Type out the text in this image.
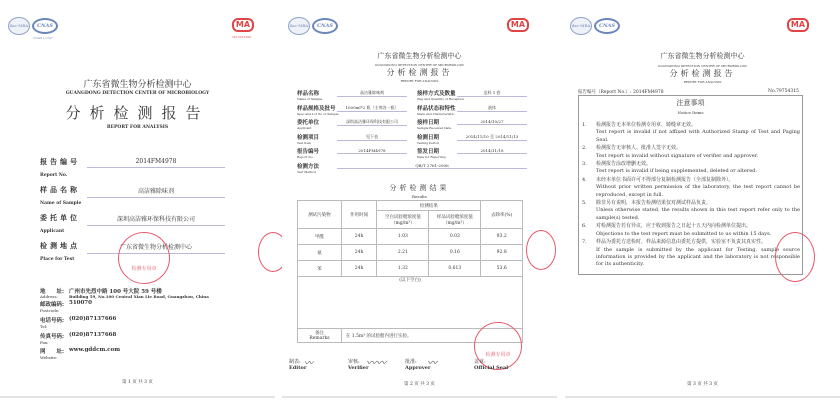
ilac-MRA	CNAS
CNAS L1747
MA
2013191300
广东省微生物分析检测中心
GUANGDONG DETECTION CENTER OF MICROBIOLOGY
分析检测报告
REPORT FOR ANALYSIS
报告编号
Report No.
2014FM4978
样品名称
Name of Sample
高洁雅除味剂
委托单位
Applicant
深圳高洁雅环保科技有限公司
检测地点
Place for Test
广东省微生物分析检测中心
检测专用章
地　　址:
Address:
广州市先烈中路 100 号大院 59 号楼
Building 59, No.100 Central Xian Lie Road, Guangzhou, China
邮政编码:
Postcode:
510070
电话号码:
Tel:
(020)87137666
传真号码:
Fax:
(020)87137668
网　　址:
Website:
www.gddcm.com
第 1 页 共 3 页
ilac-MRA	CNAS	MA
广东省微生物分析检测中心
GUANGDONG DETECTION CENTER OF MICROBIOLOGY
分析检测报告
REPORT FOR ANALYSIS
样品名称
Name of Sample
高洁雅除味剂
样品规格及批号
Spec and Lot No of Sample
1000ml*2 瓶（主剂各一瓶）
委托单位
Applicant
深圳高洁雅环保科技有限公司
检测项目
Test Item
见下表
报告编号
Report No.
2014FM4978
检测方法
Test Method
QB/T 2761-2006
接样方式及数量
Way and Quantity of Reception
送样 1 套
样品状态和特性
State and Characteristic
液体
接样日期
Sample Received Date
2014/10/27
检测日期
Testing Period
2014/11/10 至 2014/11/13
签发日期
Date for Reporting
2014/11/18
分析检测结果
Results
测试污染物	作用时间	检测结果		去除率(%)
		空白试验舱浓度值（mg/m³）	样品试验舱浓度值（mg/m³）	
甲醛	24h	1.03	0.03	93.2
氨	24h	2.21	0.16	92.8
苯	24h	1.32	0.613	53.6
(以下空白)				
备注
Remarks	在 1.5m³ 的试验舱内进行实验。			
检测专用章
制表:
Editor
〰	审核:
Verifier
〰〰	批准:
Approver
〰	盖章:
Official Seal
第 2 页 共 3 页
ilac-MRA	CNAS	MA
广东省微生物分析检测中心
GUANGDONG DETECTION CENTER OF MICROBIOLOGY
分析检测报告
REPORT FOR ANALYSIS
报告编号（Report No.）: 2014FM4978	No.79754315
注意事项
Notice Items
1.	检测报告无本单位检测专用章、骑缝章无效。
Test report is invalid if not affixed with Authorized Stamp of Test and Paging Seal.
2.	检测报告无审核人、批准人签字无效。
Test report is invalid without signature of verifier and approver.
3.	检测报告涂改增删无效。
Test report is invalid if being supplemented, deleted or altered.
4.	未经本单位书面许可不得部分复制检测报告（全部复制除外）。
Without prior written permission of the laboratory, the test report cannot be reproduced, except in full.
5.	除非另有说明，本报告检测结果仅对测试样品负责。
Unless otherwise stated, the results shown in this test report refer only to the sample(s) tested.
6.	对检测报告若有异议，应于收到报告之日起十五天内向检测单位提出。
Objections to the test report must be submitted to us within 15 days.
7.	样品为委托方送检时，样品来源信息由委托方提供，实验室不负责其真实性。
If the sample is submitted by the applicant for Testing, sample source information is provided by the applicant and the laboratory is not responsible for its authenticity.
第 3 页 共 3 页
